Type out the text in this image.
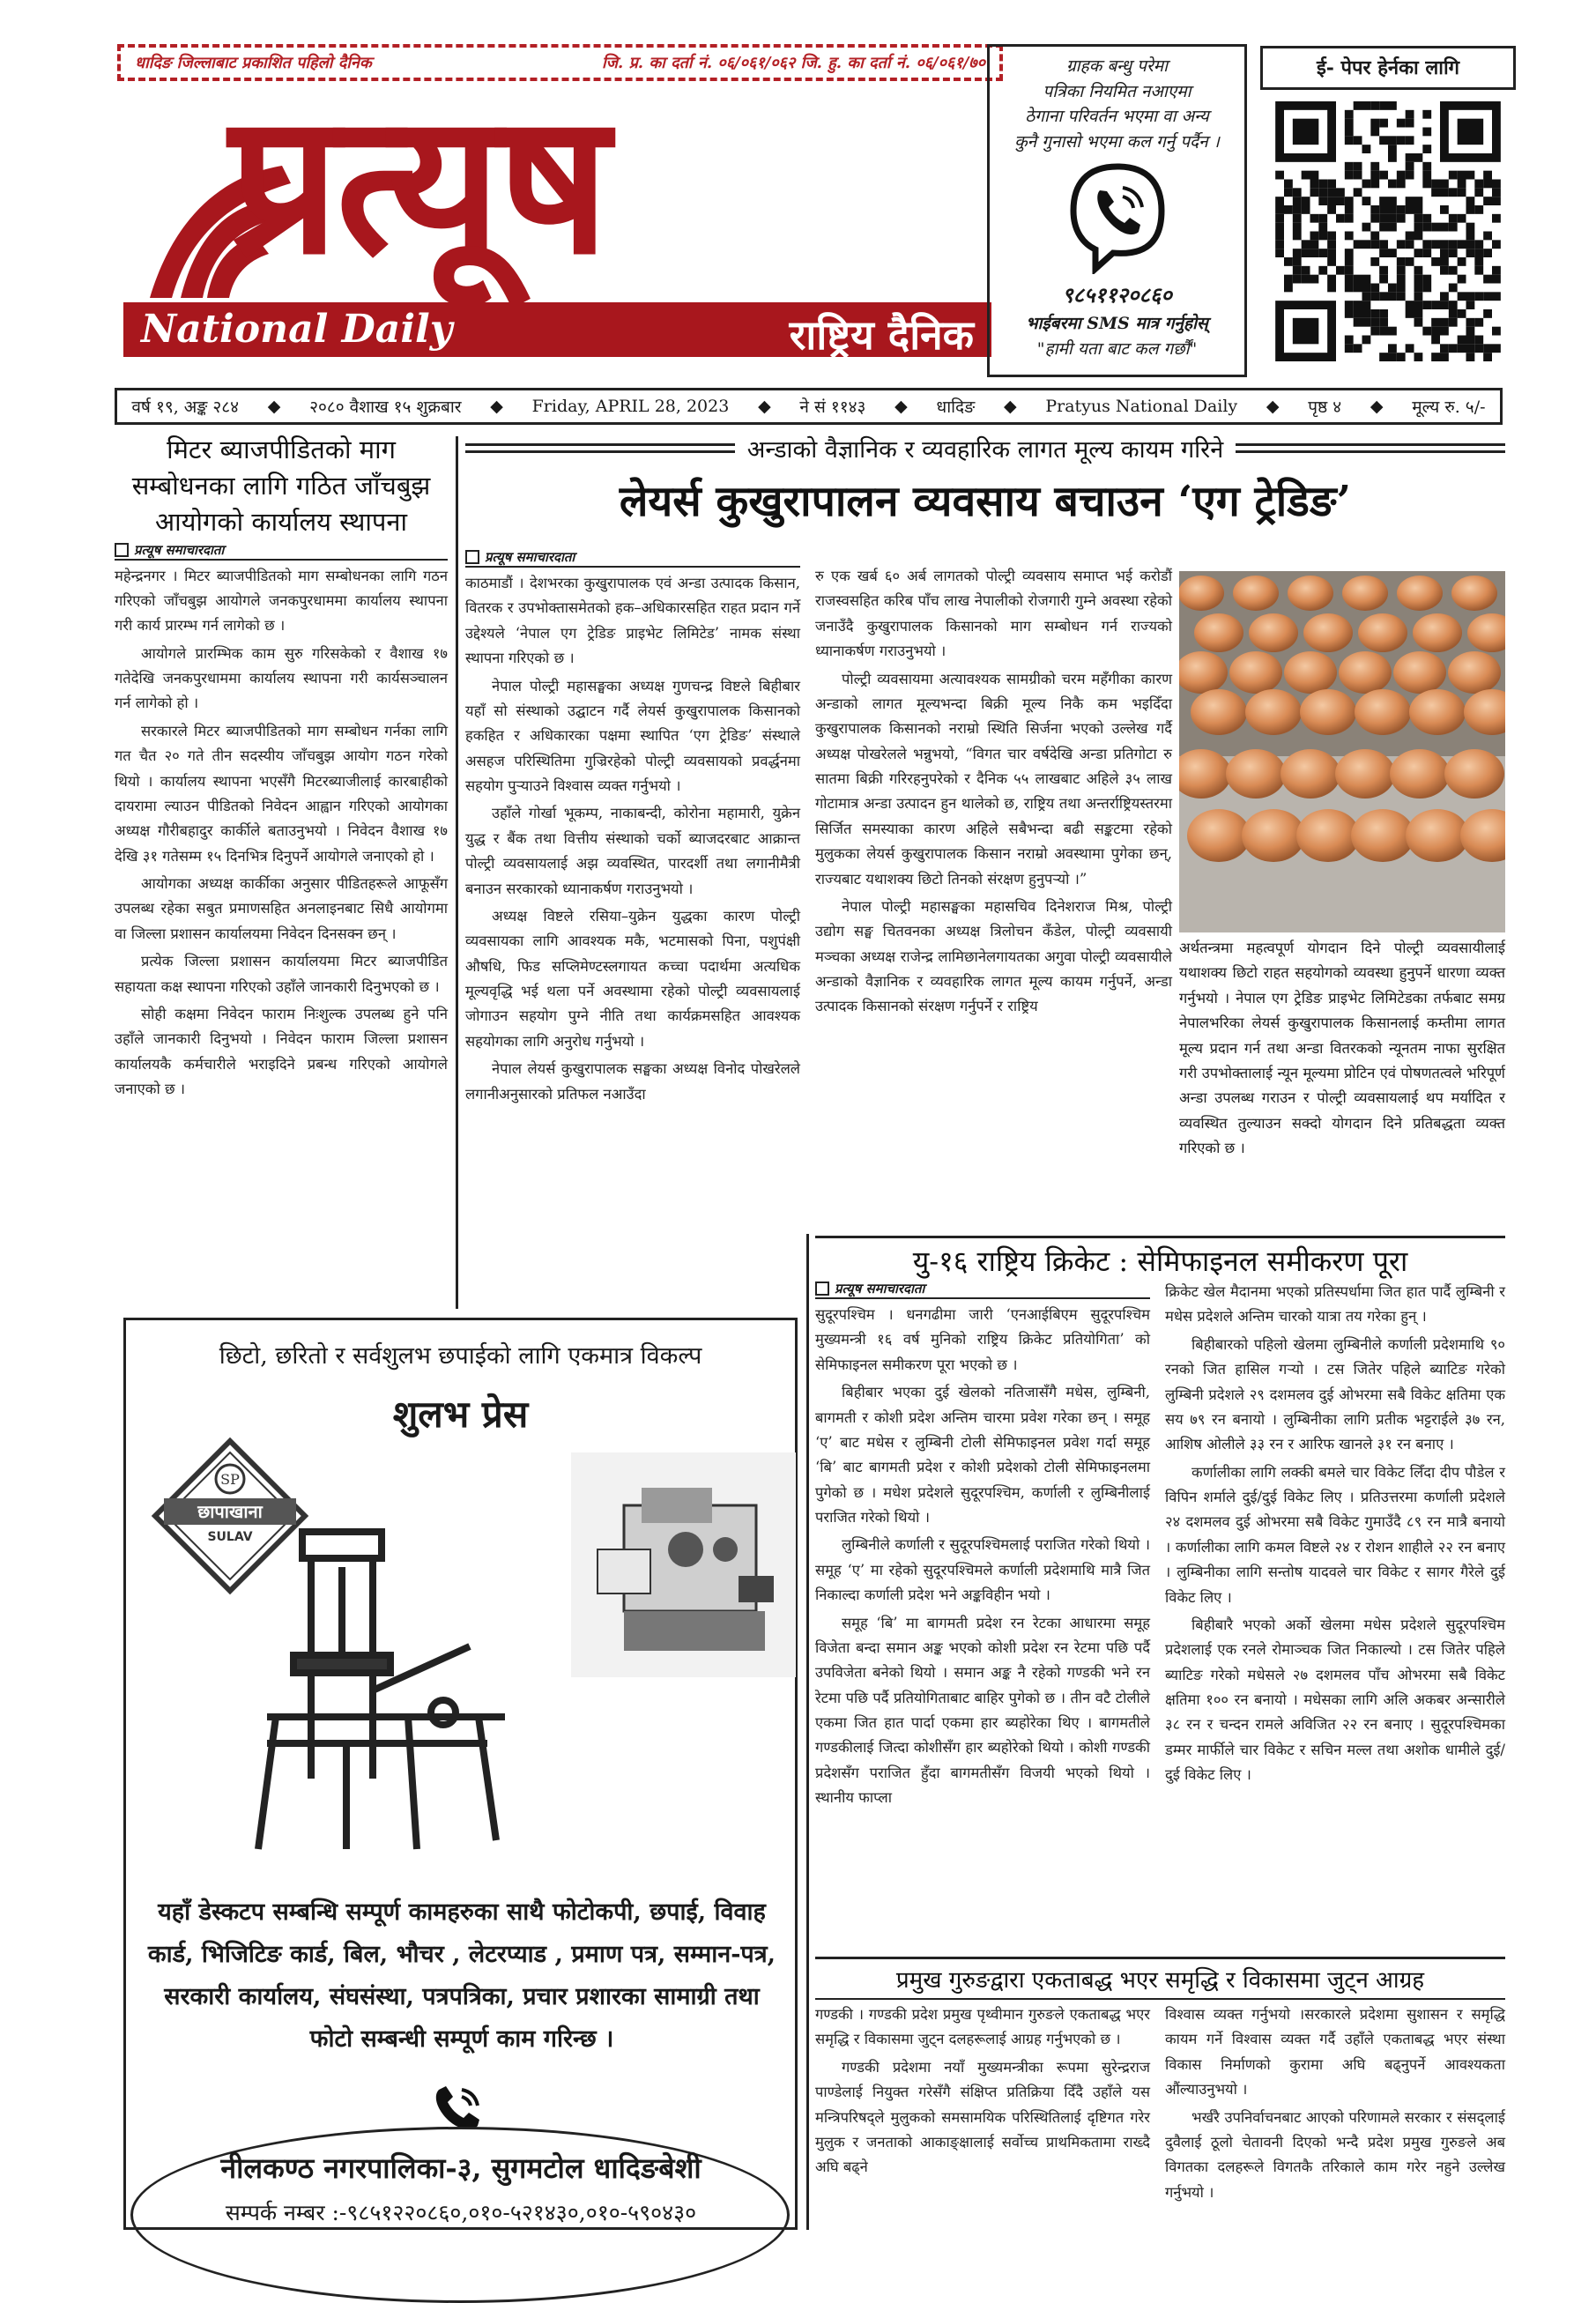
धादिङ जिल्लाबाट प्रकाशित पहिलो दैनिक	जि. प्र. का दर्ता नं. ०६/०६१/०६२ जि. हु. का दर्ता नं. ०६/०६१/७०
प्रत्यूष
National Daily	राष्ट्रिय दैनिक
ग्राहक बन्धु परेमा
पत्रिका नियमित नआएमा
ठेगाना परिवर्तन भएमा वा अन्य
कुनै गुनासो भएमा कल गर्नु पर्दैन ।
९८५११२०८६०
भाईबरमा SMS मात्र गर्नुहोस्
"हामी यता बाट कल गर्छौं"
ई- पेपर हेर्नका लागि
वर्ष १९, अङ्क २८४ ◆ २०८० वैशाख १५ शुक्रबार ◆ Friday, APRIL 28, 2023 ◆ ने सं ११४३ ◆ धादिङ ◆ Pratyus National Daily ◆ पृष्ठ ४ ◆ मूल्य रु. ५/-
मिटर ब्याजपीडितको माग सम्बोधनका लागि गठित जाँचबुझ आयोगको कार्यालय स्थापना
प्रत्यूष समाचारदाता

महेन्द्रनगर । मिटर ब्याजपीडितको माग सम्बोधनका लागि गठन गरिएको जाँचबुझ आयोगले जनकपुरधाममा कार्यालय स्थापना गरी कार्य प्रारम्भ गर्न लागेको छ ।

आयोगले प्रारम्भिक काम सुरु गरिसकेको र वैशाख १७ गतेदेखि जनकपुरधाममा कार्यालय स्थापना गरी कार्यसञ्चालन गर्न लागेको हो ।

सरकारले मिटर ब्याजपीडितको माग सम्बोधन गर्नका लागि गत चैत २० गते तीन सदस्यीय जाँचबुझ आयोग गठन गरेको थियो । कार्यालय स्थापना भएसँगै मिटरब्याजीलाई कारबाहीको दायरामा ल्याउन पीडितको निवेदन आह्वान गरिएको आयोगका अध्यक्ष गौरीबहादुर कार्कीले बताउनुभयो । निवेदन वैशाख १७ देखि ३१ गतेसम्म १५ दिनभित्र दिनुपर्ने आयोगले जनाएको हो ।

आयोगका अध्यक्ष कार्कीका अनुसार पीडितहरूले आफूसँग उपलब्ध रहेका सबुत प्रमाणसहित अनलाइनबाट सिधै आयोगमा वा जिल्ला प्रशासन कार्यालयमा निवेदन दिनसक्न छन् ।

प्रत्येक जिल्ला प्रशासन कार्यालयमा मिटर ब्याजपीडित सहायता कक्ष स्थापना गरिएको उहाँले जानकारी दिनुभएको छ ।

सोही कक्षमा निवेदन फाराम निःशुल्क उपलब्ध हुने पनि उहाँले जानकारी दिनुभयो । निवेदन फाराम जिल्ला प्रशासन कार्यालयकै कर्मचारीले भराइदिने प्रबन्ध गरिएको आयोगले जनाएको छ ।

अन्डाको वैज्ञानिक र व्यवहारिक लागत मूल्य कायम गरिने
लेयर्स कुखुरापालन व्यवसाय बचाउन ‘एग ट्रेडिङ’
प्रत्यूष समाचारदाता

काठमाडौं । देशभरका कुखुरापालक एवं अन्डा उत्पादक किसान, वितरक र उपभोक्तासमेतको हक–अधिकारसहित राहत प्रदान गर्ने उद्देश्यले ‘नेपाल एग ट्रेडिङ प्राइभेट लिमिटेड’ नामक संस्था स्थापना गरिएको छ ।

नेपाल पोल्ट्री महासङ्घका अध्यक्ष गुणचन्द्र विष्टले बिहीबार यहाँ सो संस्थाको उद्घाटन गर्दै लेयर्स कुखुरापालक किसानको हकहित र अधिकारका पक्षमा स्थापित ‘एग ट्रेडिङ’ संस्थाले असहज परिस्थितिमा गुज्रिरहेको पोल्ट्री व्यवसायको प्रवर्द्धनमा सहयोग पुऱ्याउने विश्वास व्यक्त गर्नुभयो ।

उहाँले गोर्खा भूकम्प, नाकाबन्दी, कोरोना महामारी, युक्रेन युद्ध र बैंक तथा वित्तीय संस्थाको चर्को ब्याजदरबाट आक्रान्त पोल्ट्री व्यवसायलाई अझ व्यवस्थित, पारदर्शी तथा लगानीमैत्री बनाउन सरकारको ध्यानाकर्षण गराउनुभयो ।

अध्यक्ष विष्टले रसिया–युक्रेन युद्धका कारण पोल्ट्री व्यवसायका लागि आवश्यक मकै, भटमासको पिना, पशुपंक्षी औषधि, फिड सप्लिमेण्टस्लगायत कच्चा पदार्थमा अत्यधिक मूल्यवृद्धि भई थला पर्ने अवस्थामा रहेको पोल्ट्री व्यवसायलाई जोगाउन सहयोग पुग्ने नीति तथा कार्यक्रमसहित आवश्यक सहयोगका लागि अनुरोध गर्नुभयो ।

नेपाल लेयर्स कुखुरापालक सङ्घका अध्यक्ष विनोद पोखरेलले लगानीअनुसारको प्रतिफल नआउँदा

रु एक खर्ब ६० अर्ब लागतको पोल्ट्री व्यवसाय समाप्त भई करोडौं राजस्वसहित करिब पाँच लाख नेपालीको रोजगारी गुम्ने अवस्था रहेको जनाउँदै कुखुरापालक किसानको माग सम्बोधन गर्न राज्यको ध्यानाकर्षण गराउनुभयो ।

पोल्ट्री व्यवसायमा अत्यावश्यक सामग्रीको चरम महँगीका कारण अन्डाको लागत मूल्यभन्दा बिक्री मूल्य निकै कम भइदिँदा कुखुरापालक किसानको नराम्रो स्थिति सिर्जना भएको उल्लेख गर्दै अध्यक्ष पोखरेलले भन्नुभयो, “विगत चार वर्षदेखि अन्डा प्रतिगोटा रु सातमा बिक्री गरिरहनुपरेको र दैनिक ५५ लाखबाट अहिले ३५ लाख गोटामात्र अन्डा उत्पादन हुन थालेको छ, राष्ट्रिय तथा अन्तर्राष्ट्रियस्तरमा सिर्जित समस्याका कारण अहिले सबैभन्दा बढी सङ्कटमा रहेको मुलुकका लेयर्स कुखुरापालक किसान नराम्रो अवस्थामा पुगेका छन्, राज्यबाट यथाशक्य छिटो तिनको संरक्षण हुनुपर्‍यो ।”

नेपाल पोल्ट्री महासङ्घका महासचिव दिनेशराज मिश्र, पोल्ट्री उद्योग सङ्घ चितवनका अध्यक्ष त्रिलोचन कँडेल, पोल्ट्री व्यवसायी मञ्चका अध्यक्ष राजेन्द्र लामिछानेलगायतका अगुवा पोल्ट्री व्यवसायीले अन्डाको वैज्ञानिक र व्यवहारिक लागत मूल्य कायम गर्नुपर्ने, अन्डा उत्पादक किसानको संरक्षण गर्नुपर्ने र राष्ट्रिय

अर्थतन्त्रमा महत्वपूर्ण योगदान दिने पोल्ट्री व्यवसायीलाई यथाशक्य छिटो राहत सहयोगको व्यवस्था हुनुपर्ने धारणा व्यक्त गर्नुभयो । नेपाल एग ट्रेडिङ प्राइभेट लिमिटेडका तर्फबाट समग्र नेपालभरिका लेयर्स कुखुरापालक किसानलाई कम्तीमा लागत मूल्य प्रदान गर्न तथा अन्डा वितरकको न्यूनतम नाफा सुरक्षित गरी उपभोक्तालाई न्यून मूल्यमा प्रोटिन एवं पोषणतत्वले भरिपूर्ण अन्डा उपलब्ध गराउन र पोल्ट्री व्यवसायलाई थप मर्यादित र व्यवस्थित तुल्याउन सक्दो योगदान दिने प्रतिबद्धता व्यक्त गरिएको छ ।
यु-१६ राष्ट्रिय क्रिकेट : सेमिफाइनल समीकरण पूरा
प्रत्यूष समाचारदाता

सुदूरपश्चिम । धनगढीमा जारी ‘एनआईबिएम सुदूरपश्चिम मुख्यमन्त्री १६ वर्ष मुनिको राष्ट्रिय क्रिकेट प्रतियोगिता’ को सेमिफाइनल समीकरण पूरा भएको छ ।

बिहीबार भएका दुई खेलको नतिजासँगै मधेस, लुम्बिनी, बागमती र कोशी प्रदेश अन्तिम चारमा प्रवेश गरेका छन् । समूह ‘ए’ बाट मधेस र लुम्बिनी टोली सेमिफाइनल प्रवेश गर्दा समूह ‘बि’ बाट बागमती प्रदेश र कोशी प्रदेशको टोली सेमिफाइनलमा पुगेको छ । मधेश प्रदेशले सुदूरपश्चिम, कर्णाली र लुम्बिनीलाई पराजित गरेको थियो ।

लुम्बिनीले कर्णाली र सुदूरपश्चिमलाई पराजित गरेको थियो । समूह ‘ए’ मा रहेको सुदूरपश्चिमले कर्णाली प्रदेशमाथि मात्रै जित निकाल्दा कर्णाली प्रदेश भने अङ्कविहीन भयो ।

समूह ‘बि’ मा बागमती प्रदेश रन रेटका आधारमा समूह विजेता बन्दा समान अङ्क भएको कोशी प्रदेश रन रेटमा पछि पर्दै उपविजेता बनेको थियो । समान अङ्क नै रहेको गण्डकी भने रन रेटमा पछि पर्दै प्रतियोगिताबाट बाहिर पुगेको छ । तीन वटै टोलीले एकमा जित हात पार्दा एकमा हार ब्यहोरेका थिए । बागमतीले गण्डकीलाई जित्दा कोशीसँग हार ब्यहोरेको थियो । कोशी गण्डकी प्रदेशसँग पराजित हुँदा बागमतीसँग विजयी भएको थियो । स्थानीय फाप्ला

क्रिकेट खेल मैदानमा भएको प्रतिस्पर्धामा जित हात पार्दै लुम्बिनी र मधेस प्रदेशले अन्तिम चारको यात्रा तय गरेका हुन् ।

बिहीबारको पहिलो खेलमा लुम्बिनीले कर्णाली प्रदेशमाथि ९० रनको जित हासिल गऱ्यो । टस जितेर पहिले ब्याटिङ गरेको लुम्बिनी प्रदेशले २९ दशमलव दुई ओभरमा सबै विकेट क्षतिमा एक सय ७९ रन बनायो । लुम्बिनीका लागि प्रतीक भट्टराईले ३७ रन, आशिष ओलीले ३३ रन र आरिफ खानले ३१ रन बनाए ।

कर्णालीका लागि लक्की बमले चार विकेट लिँदा दीप पौडेल र विपिन शर्माले दुई/दुई विकेट लिए । प्रतिउत्तरमा कर्णाली प्रदेशले २४ दशमलव दुई ओभरमा सबै विकेट गुमाउँदै ८९ रन मात्रै बनायो । कर्णालीका लागि कमल विष्टले २४ र रोशन शाहीले २२ रन बनाए । लुम्बिनीका लागि सन्तोष यादवले चार विकेट र सागर गैरेले दुई विकेट लिए ।

बिहीबारै भएको अर्को खेलमा मधेस प्रदेशले सुदूरपश्चिम प्रदेशलाई एक रनले रोमाञ्चक जित निकाल्यो । टस जितेर पहिले ब्याटिङ गरेको मधेसले २७ दशमलव पाँच ओभरमा सबै विकेट क्षतिमा १०० रन बनायो । मधेसका लागि अलि अकबर अन्सारीले ३८ रन र चन्दन रामले अविजित २२ रन बनाए । सुदूरपश्चिमका डम्मर मार्फीले चार विकेट र सचिन मल्ल तथा अशोक धामीले दुई/दुई विकेट लिए ।

प्रमुख गुरुङद्वारा एकताबद्ध भएर समृद्धि र विकासमा जुट्न आग्रह

गण्डकी । गण्डकी प्रदेश प्रमुख पृथ्वीमान गुरुङले एकताबद्ध भएर समृद्धि र विकासमा जुट्न दलहरूलाई आग्रह गर्नुभएको छ ।

गण्डकी प्रदेशमा नयाँ मुख्यमन्त्रीका रूपमा सुरेन्द्रराज पाण्डेलाई नियुक्त गरेसँगै संक्षिप्त प्रतिक्रिया दिँदै उहाँले यस मन्त्रिपरिषद्ले मुलुकको समसामयिक परिस्थितिलाई दृष्टिगत गरेर मुलुक र जनताको आकाङ्क्षालाई सर्वोच्च प्राथमिकतामा राख्दै अघि बढ्ने

विश्वास व्यक्त गर्नुभयो ।सरकारले प्रदेशमा सुशासन र समृद्धि कायम गर्ने विश्वास व्यक्त गर्दै उहाँले एकताबद्ध भएर संस्था विकास निर्माणको कुरामा अघि बढ्नुपर्ने आवश्यकता औंल्याउनुभयो ।

भर्खरै उपनिर्वाचनबाट आएको परिणामले सरकार र संसद्लाई दुवैलाई ठूलो चेतावनी दिएको भन्दै प्रदेश प्रमुख गुरुङले अब विगतका दलहरूले विगतकै तरिकाले काम गरेर नहुने उल्लेख गर्नुभयो ।

छिटो, छरितो र सर्वशुलभ छपाईको लागि एकमात्र विकल्प
शुलभ प्रेस
SP
छापाखाना
SULAV
यहाँ डेस्कटप सम्बन्धि सम्पूर्ण कामहरुका साथै फोटोकपी, छपाई, विवाह कार्ड, भिजिटिङ कार्ड, बिल, भौचर , लेटरप्याड , प्रमाण पत्र, सम्मान-पत्र, सरकारी कार्यालय, संघसंस्था, पत्रपत्रिका, प्रचार प्रशारका सामाग्री तथा फोटो सम्बन्धी सम्पूर्ण काम गरिन्छ ।
नीलकण्ठ नगरपालिका-३, सुगमटोल धादिङबेशी
सम्पर्क नम्बर :-९८५१२२०८६०,०१०-५२१४३०,०१०-५९०४३०
